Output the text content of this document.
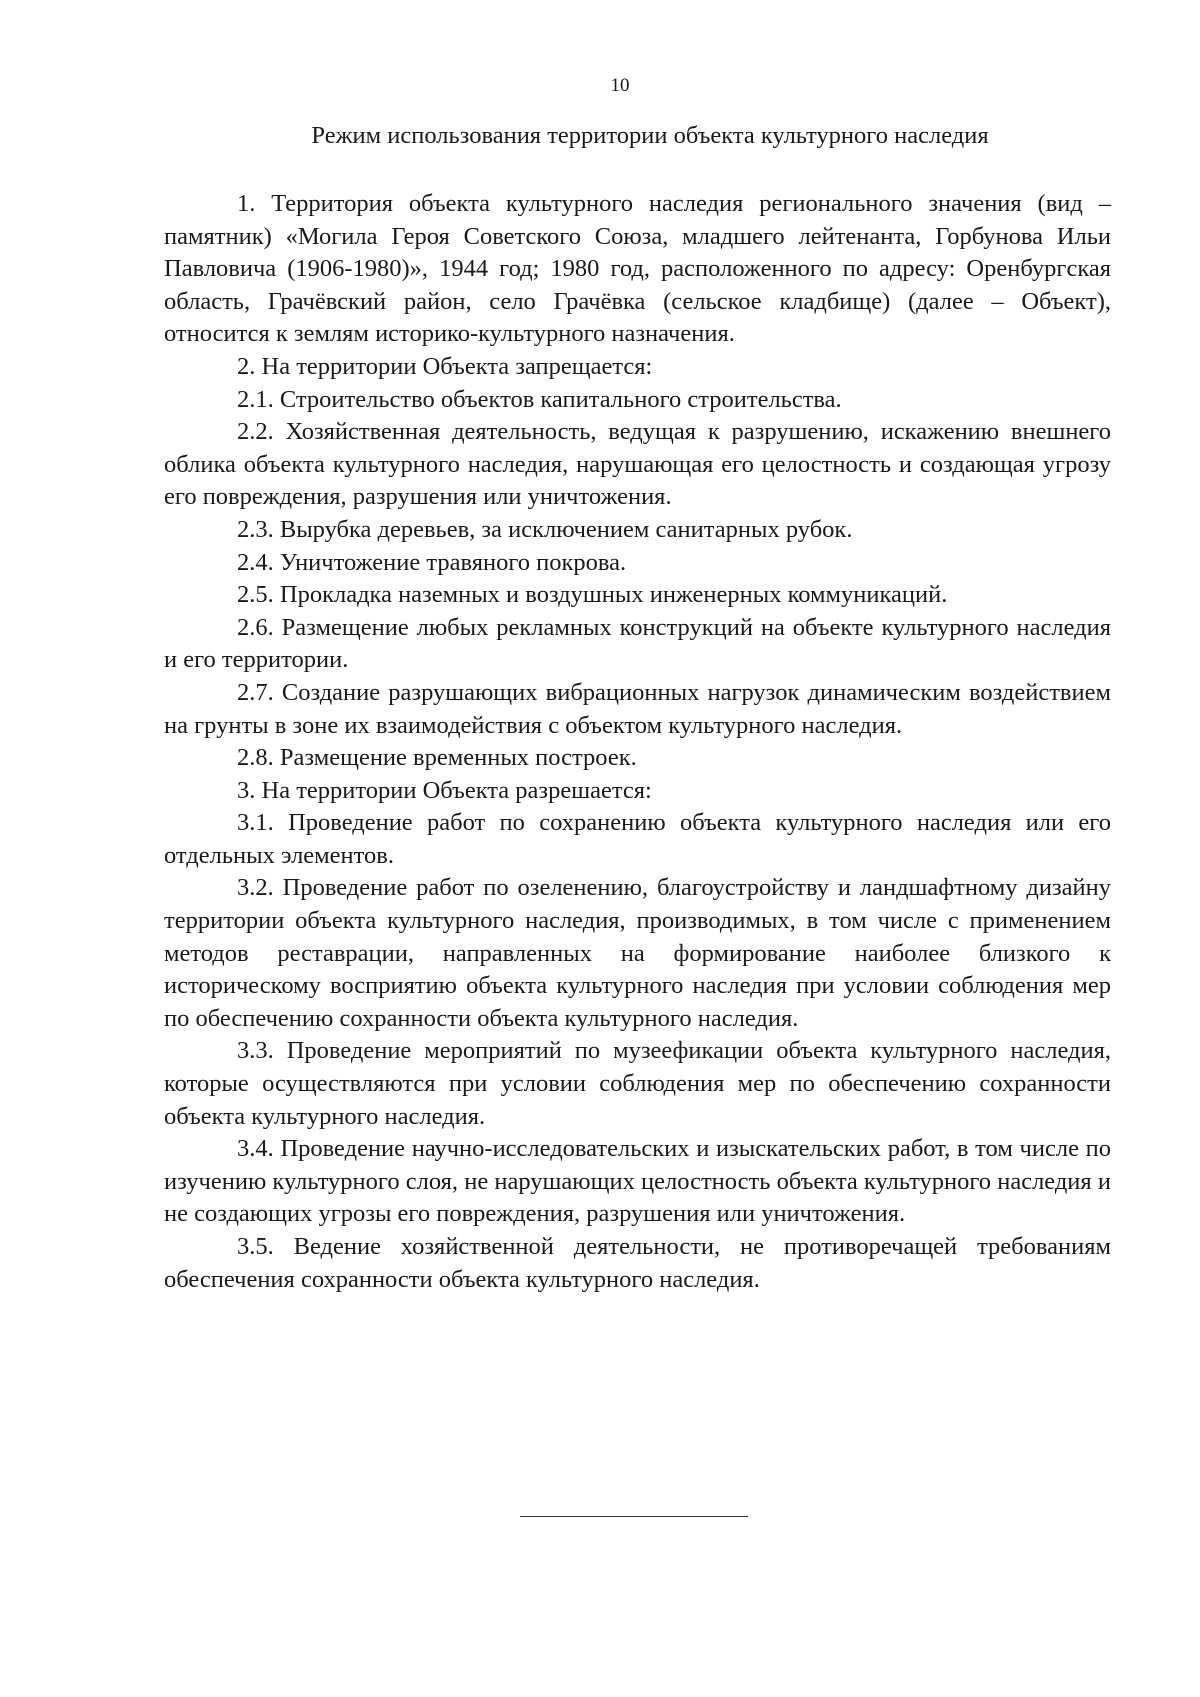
10
Режим использования территории объекта культурного наследия

1. Территория объекта культурного наследия регионального значения (вид – памятник) «Могила Героя Советского Союза, младшего лейтенанта, Горбунова Ильи Павловича (1906-1980)», 1944 год; 1980 год, расположенного по адресу: Оренбургская область, Грачёвский район, село Грачёвка (сельское кладбище) (далее – Объект), относится к землям историко-культурного назначения.

2. На территории Объекта запрещается:

2.1. Строительство объектов капитального строительства.

2.2. Хозяйственная деятельность, ведущая к разрушению, искажению внешнего облика объекта культурного наследия, нарушающая его целостность и создающая угрозу его повреждения, разрушения или уничтожения.

2.3. Вырубка деревьев, за исключением санитарных рубок.

2.4. Уничтожение травяного покрова.

2.5. Прокладка наземных и воздушных инженерных коммуникаций.

2.6. Размещение любых рекламных конструкций на объекте культурного наследия и его территории.

2.7. Создание разрушающих вибрационных нагрузок динамическим воздействием на грунты в зоне их взаимодействия с объектом культурного наследия.

2.8. Размещение временных построек.

3. На территории Объекта разрешается:

3.1. Проведение работ по сохранению объекта культурного наследия или его отдельных элементов.

3.2. Проведение работ по озеленению, благоустройству и ландшафтному дизайну территории объекта культурного наследия, производимых, в том числе с применением методов реставрации, направленных на формирование наиболее близкого к историческому восприятию объекта культурного наследия при условии соблюдения мер по обеспечению сохранности объекта культурного наследия.

3.3. Проведение мероприятий по музеефикации объекта культурного наследия, которые осуществляются при условии соблюдения мер по обеспечению сохранности объекта культурного наследия.

3.4. Проведение научно-исследовательских и изыскательских работ, в том числе по изучению культурного слоя, не нарушающих целостность объекта культурного наследия и не создающих угрозы его повреждения, разрушения или уничтожения.

3.5. Ведение хозяйственной деятельности, не противоречащей требованиям обеспечения сохранности объекта культурного наследия.
